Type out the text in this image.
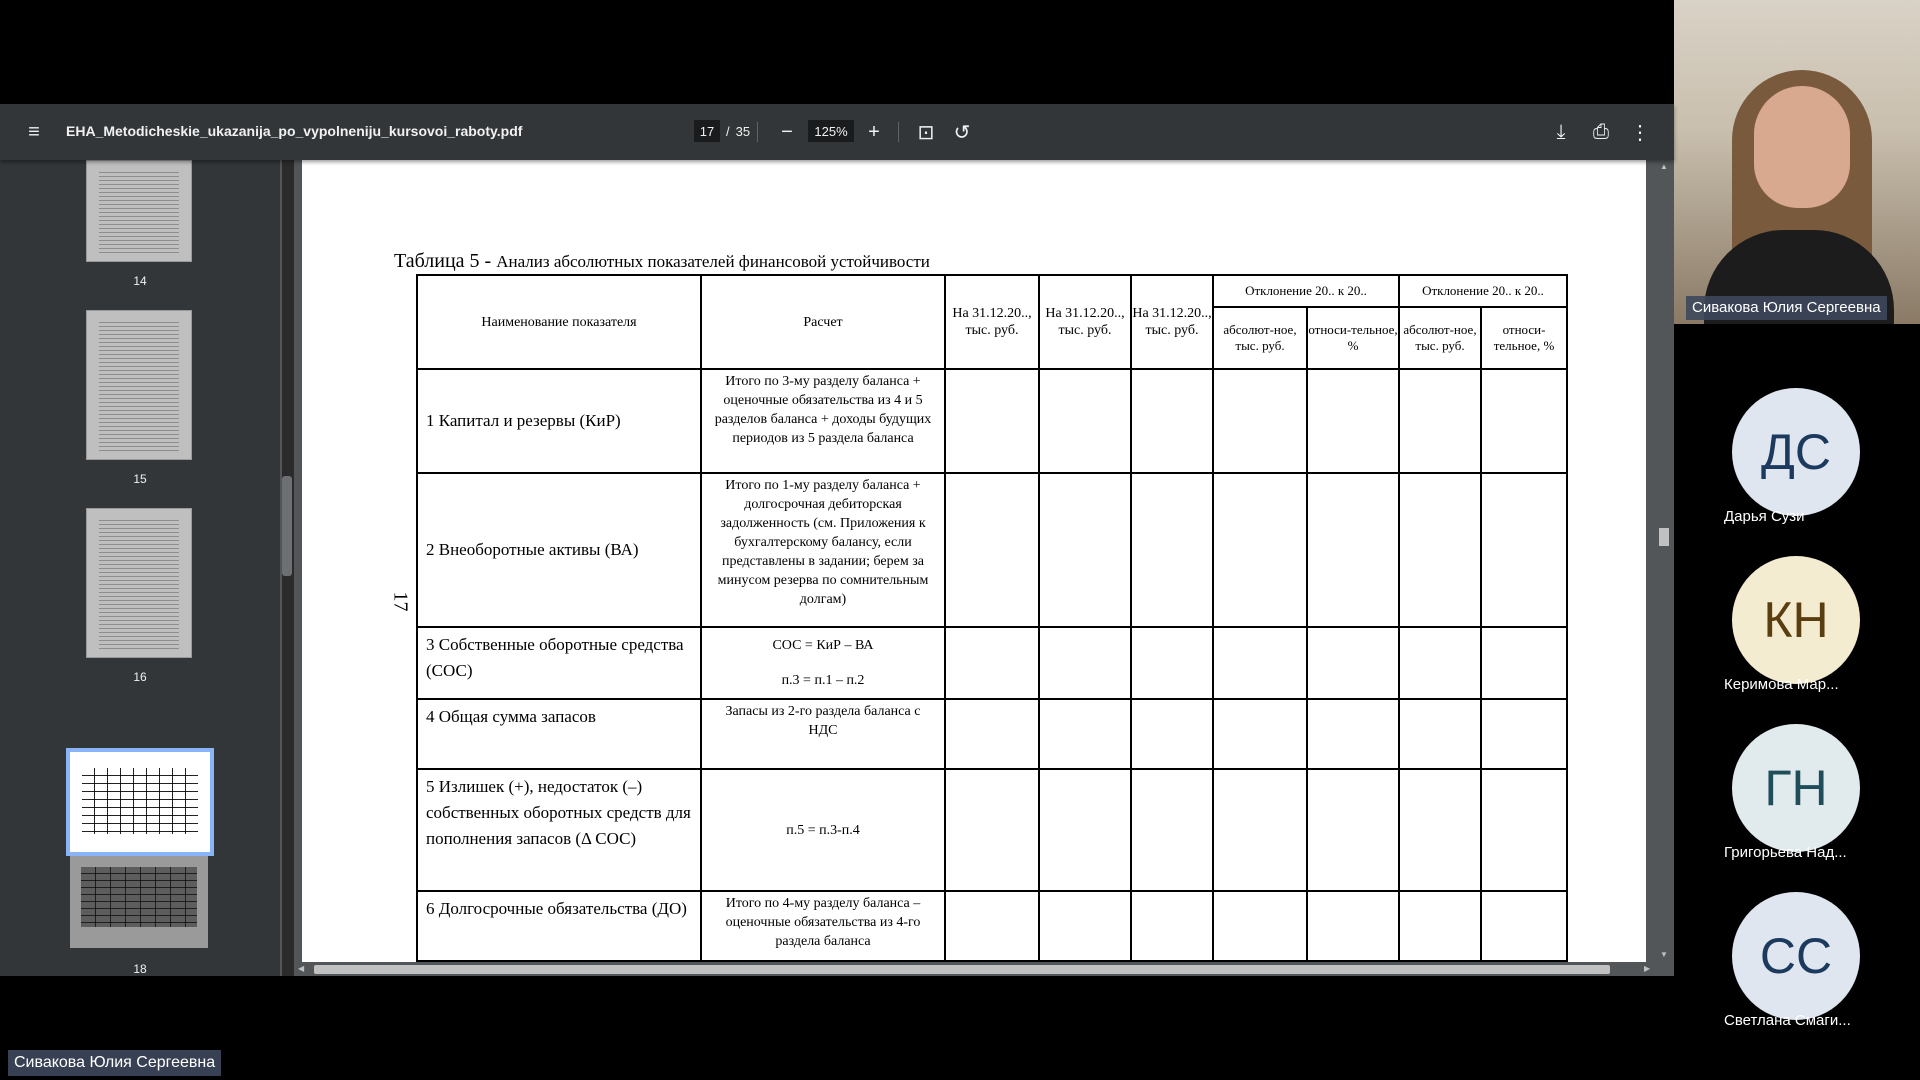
≡	EHA_Metodicheskie_ukazanija_po_vypolneniju_kursovoi_raboty.pdf
17	/ 35	−
125%	+	⊡ ↺	⤓	⎙	⋮
14
15
16
18
17
Таблица 5 - Анализ абсолютных показателей финансовой устойчивости
Наименование показателя	Расчет	На 31.12.20.., тыс. руб.	На 31.12.20.., тыс. руб.	На 31.12.20.., тыс. руб.	Отклонение 20.. к 20..		Отклонение 20.. к 20..	
					абсолют-ное, тыс. руб.	относи-тельное, %	абсолют-ное, тыс. руб.	относи-тельное, %
1 Капитал и резервы (КиР)	Итого по 3-му разделу баланса + оценочные обязательства из 4 и 5 разделов баланса + доходы будущих периодов из 5 раздела баланса							
2 Внеоборотные активы (ВА)	Итого по 1-му разделу баланса + долгосрочная дебиторская задолженность (см. Приложения к бухгалтерскому балансу, если представлены в задании; берем за минусом резерва по сомнительным долгам)							
3 Собственные оборотные средства (СОС)	СОС = КиР – ВА
п.3 = п.1 – п.2							

4 Общая сумма запасов	Запасы из 2-го раздела баланса с НДС							
5 Излишек (+), недостаток (–) собственных оборотных средств для пополнения запасов (Δ СОС)	п.5 = п.3-п.4							
6 Долгосрочные обязательства (ДО)	Итого по 4-му разделу баланса – оценочные обязательства из 4-го раздела баланса							
▲
▼
◀	▶
Сивакова Юлия Сергеевна
ДС
Дарья Сузи
КН
Керимова Мар...
ГН
Григорьева Над...
СС
Светлана Смаги...
Сивакова Юлия Сергеевна
